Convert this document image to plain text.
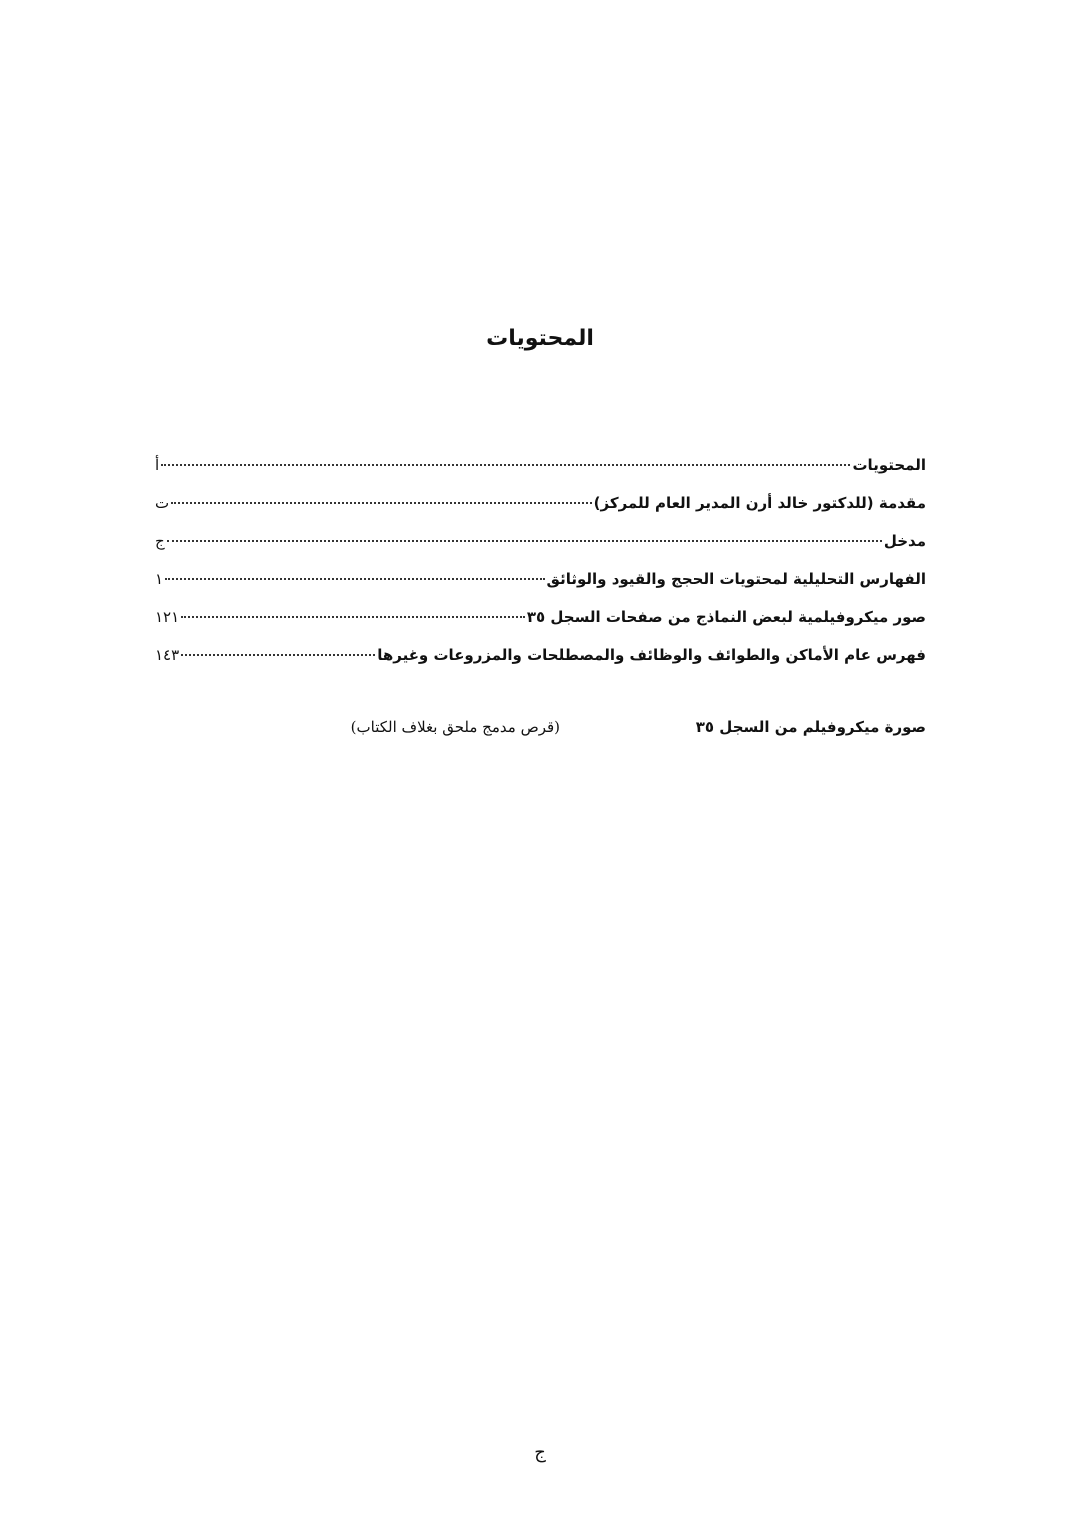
المحتويات
المحتويات
أ
مقدمة (للدكتور خالد أرن المدير العام للمركز)
ت
مدخل
ج
الفهارس التحليلية لمحتويات الحجج والقيود والوثائق
١
صور ميكروفيلمية لبعض النماذج من صفحات السجل ٣٥
١٢١
فهرس عام الأماكن والطوائف والوظائف والمصطلحات والمزروعات وغيرها
١٤٣
صورة ميكروفيلم من السجل ٣٥
(قرص مدمج ملحق بغلاف الكتاب)
ج
